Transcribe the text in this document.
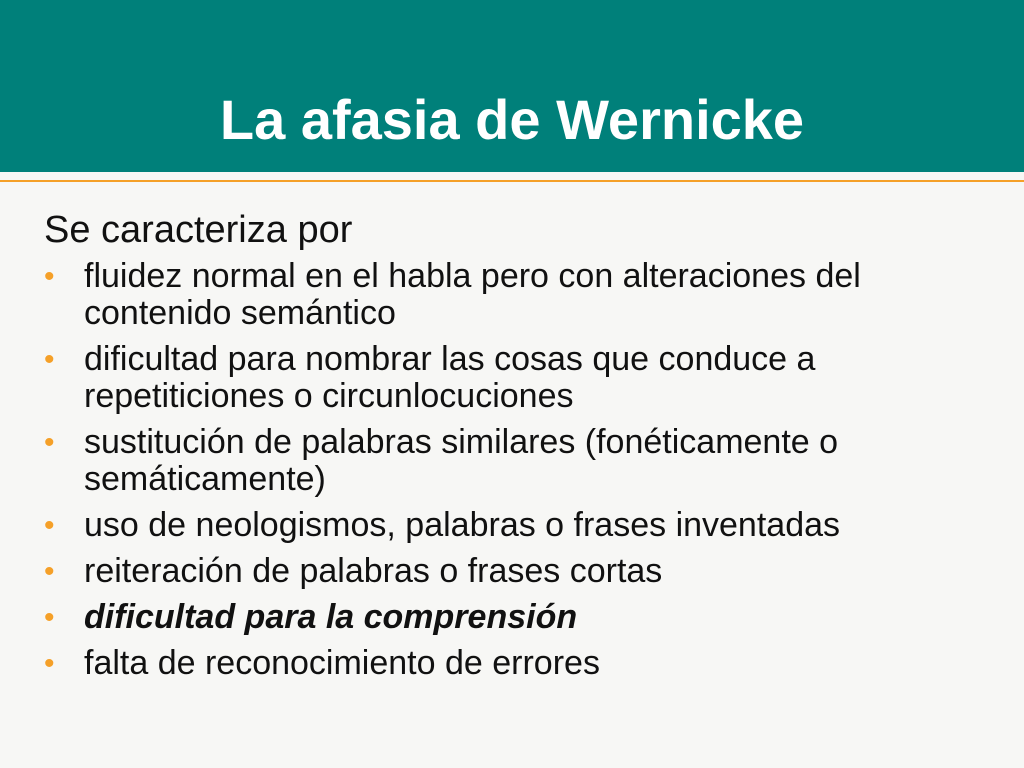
La afasia de Wernicke

Se caracteriza por

• fluidez normal en el habla pero con alteraciones del contenido semántico
• dificultad para nombrar las cosas que conduce a repetiticiones o circunlocuciones
• sustitución de palabras similares (fonéticamente o semáticamente)
• uso de neologismos, palabras o frases inventadas
• reiteración de palabras o frases cortas
• dificultad para la comprensión
• falta de reconocimiento de errores
